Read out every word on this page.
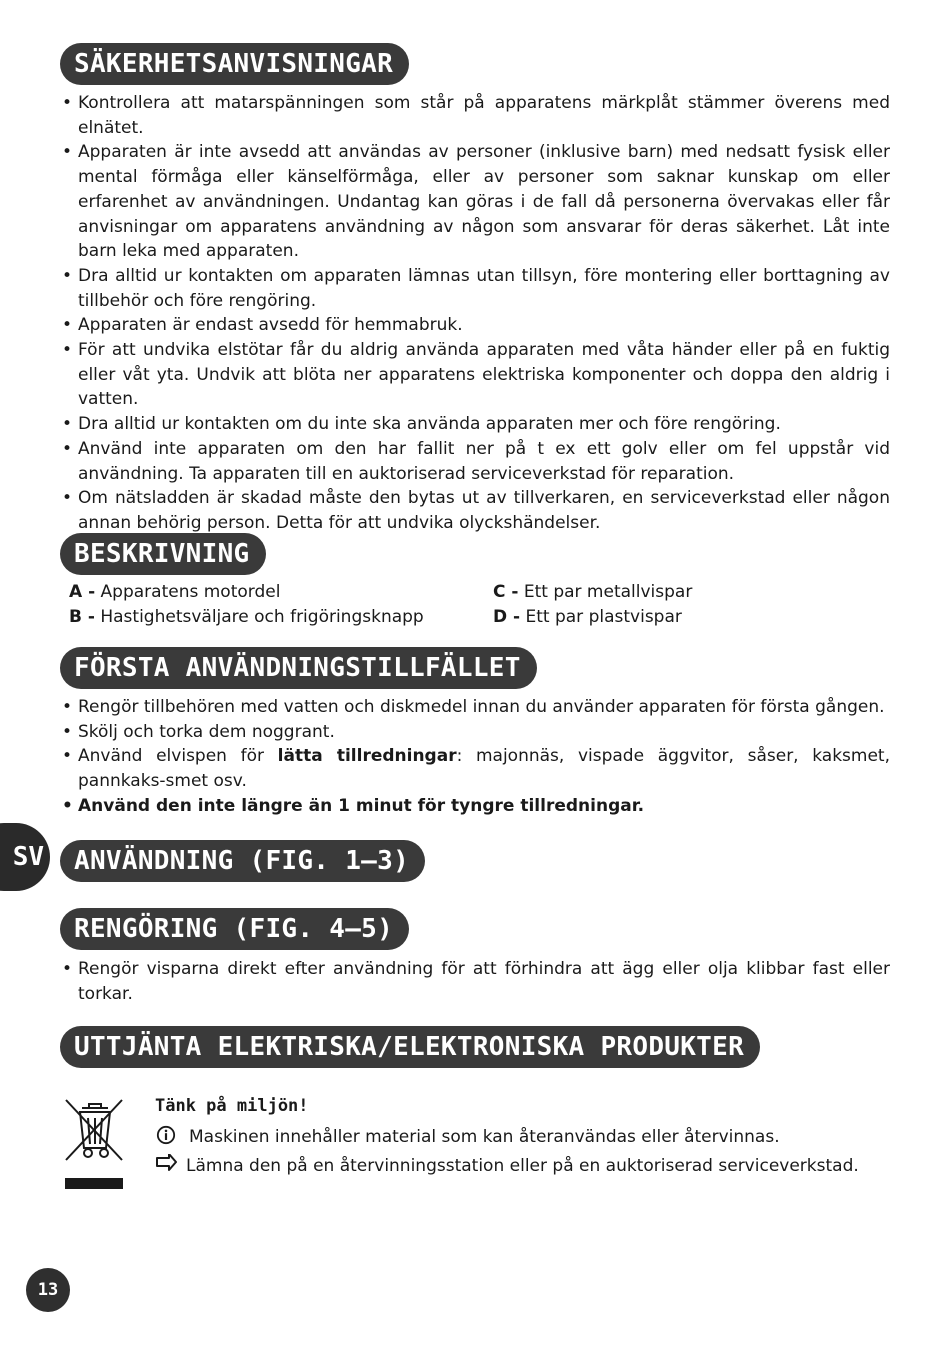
SV
SÄKERHETSANVISNINGAR
• Kontrollera att matarspänningen som står på apparatens märkplåt stämmer överens med elnätet.
• Apparaten är inte avsedd att användas av personer (inklusive barn) med nedsatt fysisk eller mental förmåga eller känselförmåga, eller av personer som saknar kunskap om eller erfarenhet av användningen. Undantag kan göras i de fall då personerna övervakas eller får anvisningar om apparatens användning av någon som ansvarar för deras säkerhet. Låt inte barn leka med apparaten.
• Dra alltid ur kontakten om apparaten lämnas utan tillsyn, före montering eller borttagning av tillbehör och före rengöring.
• Apparaten är endast avsedd för hemmabruk.
• För att undvika elstötar får du aldrig använda apparaten med våta händer eller på en fuktig eller våt yta. Undvik att blöta ner apparatens elektriska komponenter och doppa den aldrig i vatten.
• Dra alltid ur kontakten om du inte ska använda apparaten mer och före rengöring.
• Använd inte apparaten om den har fallit ner på t ex ett golv eller om fel uppstår vid användning. Ta apparaten till en auktoriserad serviceverkstad för reparation.
• Om nätsladden är skadad måste den bytas ut av tillverkaren, en serviceverkstad eller någon annan behörig person. Detta för att undvika olyckshändelser.
BESKRIVNING
A - Apparatens motordel
B - Hastighetsväljare och frigöringsknapp
C - Ett par metallvispar
D - Ett par plastvispar
FÖRSTA ANVÄNDNINGSTILLFÄLLET
• Rengör tillbehören med vatten och diskmedel innan du använder apparaten för första gången.
• Skölj och torka dem noggrant.
• Använd elvispen för lätta tillredningar: majonnäs, vispade äggvitor, såser, kaksmet, pannkaks-smet osv.
• Använd den inte längre än 1 minut för tyngre tillredningar.
ANVÄNDNING (FIG. 1–3)
RENGÖRING (FIG. 4–5)
• Rengör visparna direkt efter användning för att förhindra att ägg eller olja klibbar fast eller torkar.
UTTJÄNTA ELEKTRISKA/ELEKTRONISKA PRODUKTER
Tänk på miljön!
Maskinen innehåller material som kan återanvändas eller återvinnas.
Lämna den på en återvinningsstation eller på en auktoriserad serviceverkstad.
13
